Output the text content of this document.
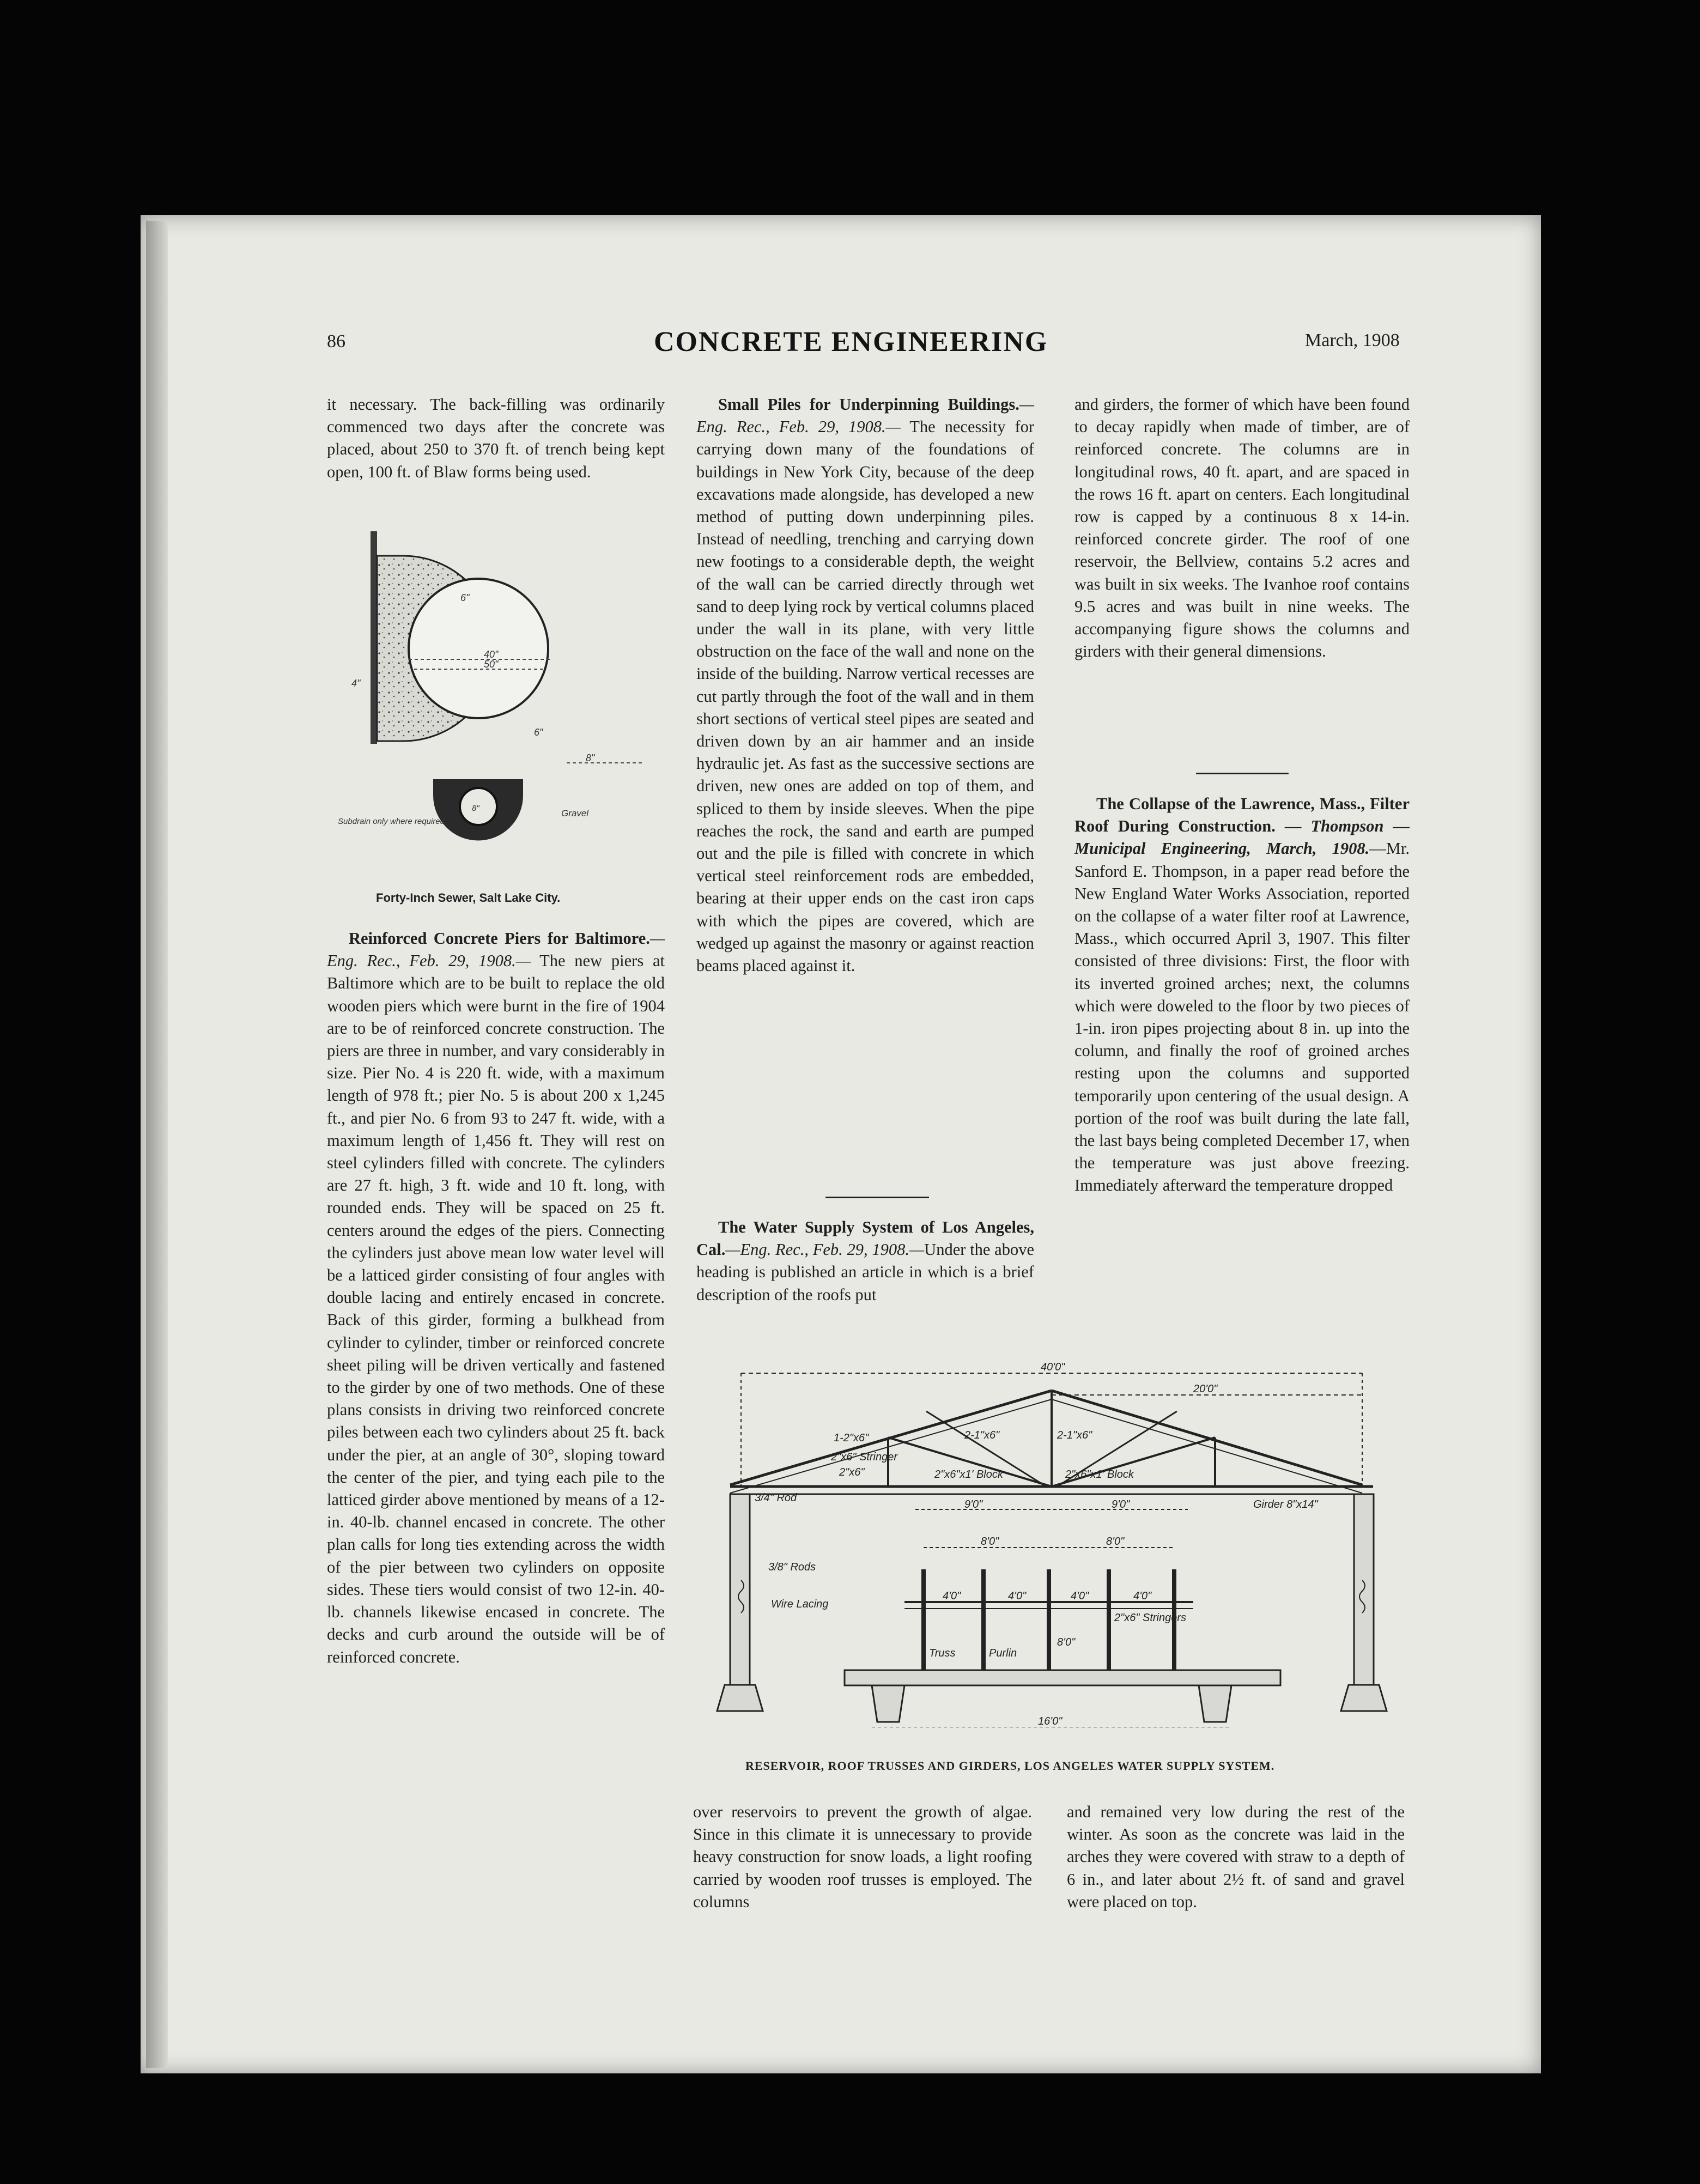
86	CONCRETE ENGINEERING	March, 1908

it necessary. The back-filling was ordinarily commenced two days after the concrete was placed, about 250 to 370 ft. of trench being kept open, 100 ft. of Blaw forms being used.

6"
40"
50"
4"
6"
8"
Subdrain only where required
Gravel
8"
Forty-Inch Sewer, Salt Lake City.

Reinforced Concrete Piers for Baltimore.—Eng. Rec., Feb. 29, 1908.— The new piers at Baltimore which are to be built to replace the old wooden piers which were burnt in the fire of 1904 are to be of reinforced concrete construction. The piers are three in number, and vary considerably in size. Pier No. 4 is 220 ft. wide, with a maximum length of 978 ft.; pier No. 5 is about 200 x 1,245 ft., and pier No. 6 from 93 to 247 ft. wide, with a maximum length of 1,456 ft. They will rest on steel cylinders filled with concrete. The cylinders are 27 ft. high, 3 ft. wide and 10 ft. long, with rounded ends. They will be spaced on 25 ft. centers around the edges of the piers. Connecting the cylinders just above mean low water level will be a latticed girder consisting of four angles with double lacing and entirely encased in concrete. Back of this girder, forming a bulkhead from cylinder to cylinder, timber or reinforced concrete sheet piling will be driven vertically and fastened to the girder by one of two methods. One of these plans consists in driving two reinforced concrete piles between each two cylinders about 25 ft. back under the pier, at an angle of 30°, sloping toward the center of the pier, and tying each pile to the latticed girder above mentioned by means of a 12-in. 40-lb. channel encased in concrete. The other plan calls for long ties extending across the width of the pier between two cylinders on opposite sides. These tiers would consist of two 12-in. 40-lb. channels likewise encased in concrete. The decks and curb around the outside will be of reinforced concrete.

Small Piles for Underpinning Buildings.—Eng. Rec., Feb. 29, 1908.— The necessity for carrying down many of the foundations of buildings in New York City, because of the deep excavations made alongside, has developed a new method of putting down underpinning piles. Instead of needling, trenching and carrying down new footings to a considerable depth, the weight of the wall can be carried directly through wet sand to deep lying rock by vertical columns placed under the wall in its plane, with very little obstruction on the face of the wall and none on the inside of the building. Narrow vertical recesses are cut partly through the foot of the wall and in them short sections of vertical steel pipes are seated and driven down by an air hammer and an inside hydraulic jet. As fast as the successive sections are driven, new ones are added on top of them, and spliced to them by inside sleeves. When the pipe reaches the rock, the sand and earth are pumped out and the pile is filled with concrete in which vertical steel reinforcement rods are embedded, bearing at their upper ends on the cast iron caps with which the pipes are covered, which are wedged up against the masonry or against reaction beams placed against it.

The Water Supply System of Los Angeles, Cal.—Eng. Rec., Feb. 29, 1908.—Under the above heading is published an article in which is a brief description of the roofs put

and girders, the former of which have been found to decay rapidly when made of timber, are of reinforced concrete. The columns are in longitudinal rows, 40 ft. apart, and are spaced in the rows 16 ft. apart on centers. Each longitudinal row is capped by a continuous 8 x 14-in. reinforced concrete girder. The roof of one reservoir, the Bellview, contains 5.2 acres and was built in six weeks. The Ivanhoe roof contains 9.5 acres and was built in nine weeks. The accompanying figure shows the columns and girders with their general dimensions.

The Collapse of the Lawrence, Mass., Filter Roof During Construction. — Thompson — Municipal Engineering, March, 1908.—Mr. Sanford E. Thompson, in a paper read before the New England Water Works Association, reported on the collapse of a water filter roof at Lawrence, Mass., which occurred April 3, 1907. This filter consisted of three divisions: First, the floor with its inverted groined arches; next, the columns which were doweled to the floor by two pieces of 1-in. iron pipes projecting about 8 in. up into the column, and finally the roof of groined arches resting upon the columns and supported temporarily upon centering of the usual design. A portion of the roof was built during the late fall, the last bays being completed December 17, when the temperature was just above freezing. Immediately afterward the temperature dropped

40'0"
20'0"
1-2"x6"
2"x6" Stringer
2"x6"
2-1"x6"	2-1"x6"
2"x6"x1' Block	2"x6"x1' Block
3/4" Rod
9'0"	9'0"	Girder 8"x14"
3/8" Rods
Wire Lacing
8'0"	8'0"
4'0"	4'0"	4'0"	4'0"
2"x6" Stringers
8'0"
Truss	Purlin
16'0"
RESERVOIR, ROOF TRUSSES AND GIRDERS, LOS ANGELES WATER SUPPLY SYSTEM.

over reservoirs to prevent the growth of algae. Since in this climate it is unnecessary to provide heavy construction for snow loads, a light roofing carried by wooden roof trusses is employed. The columns

and remained very low during the rest of the winter. As soon as the concrete was laid in the arches they were covered with straw to a depth of 6 in., and later about 2½ ft. of sand and gravel were placed on top.
